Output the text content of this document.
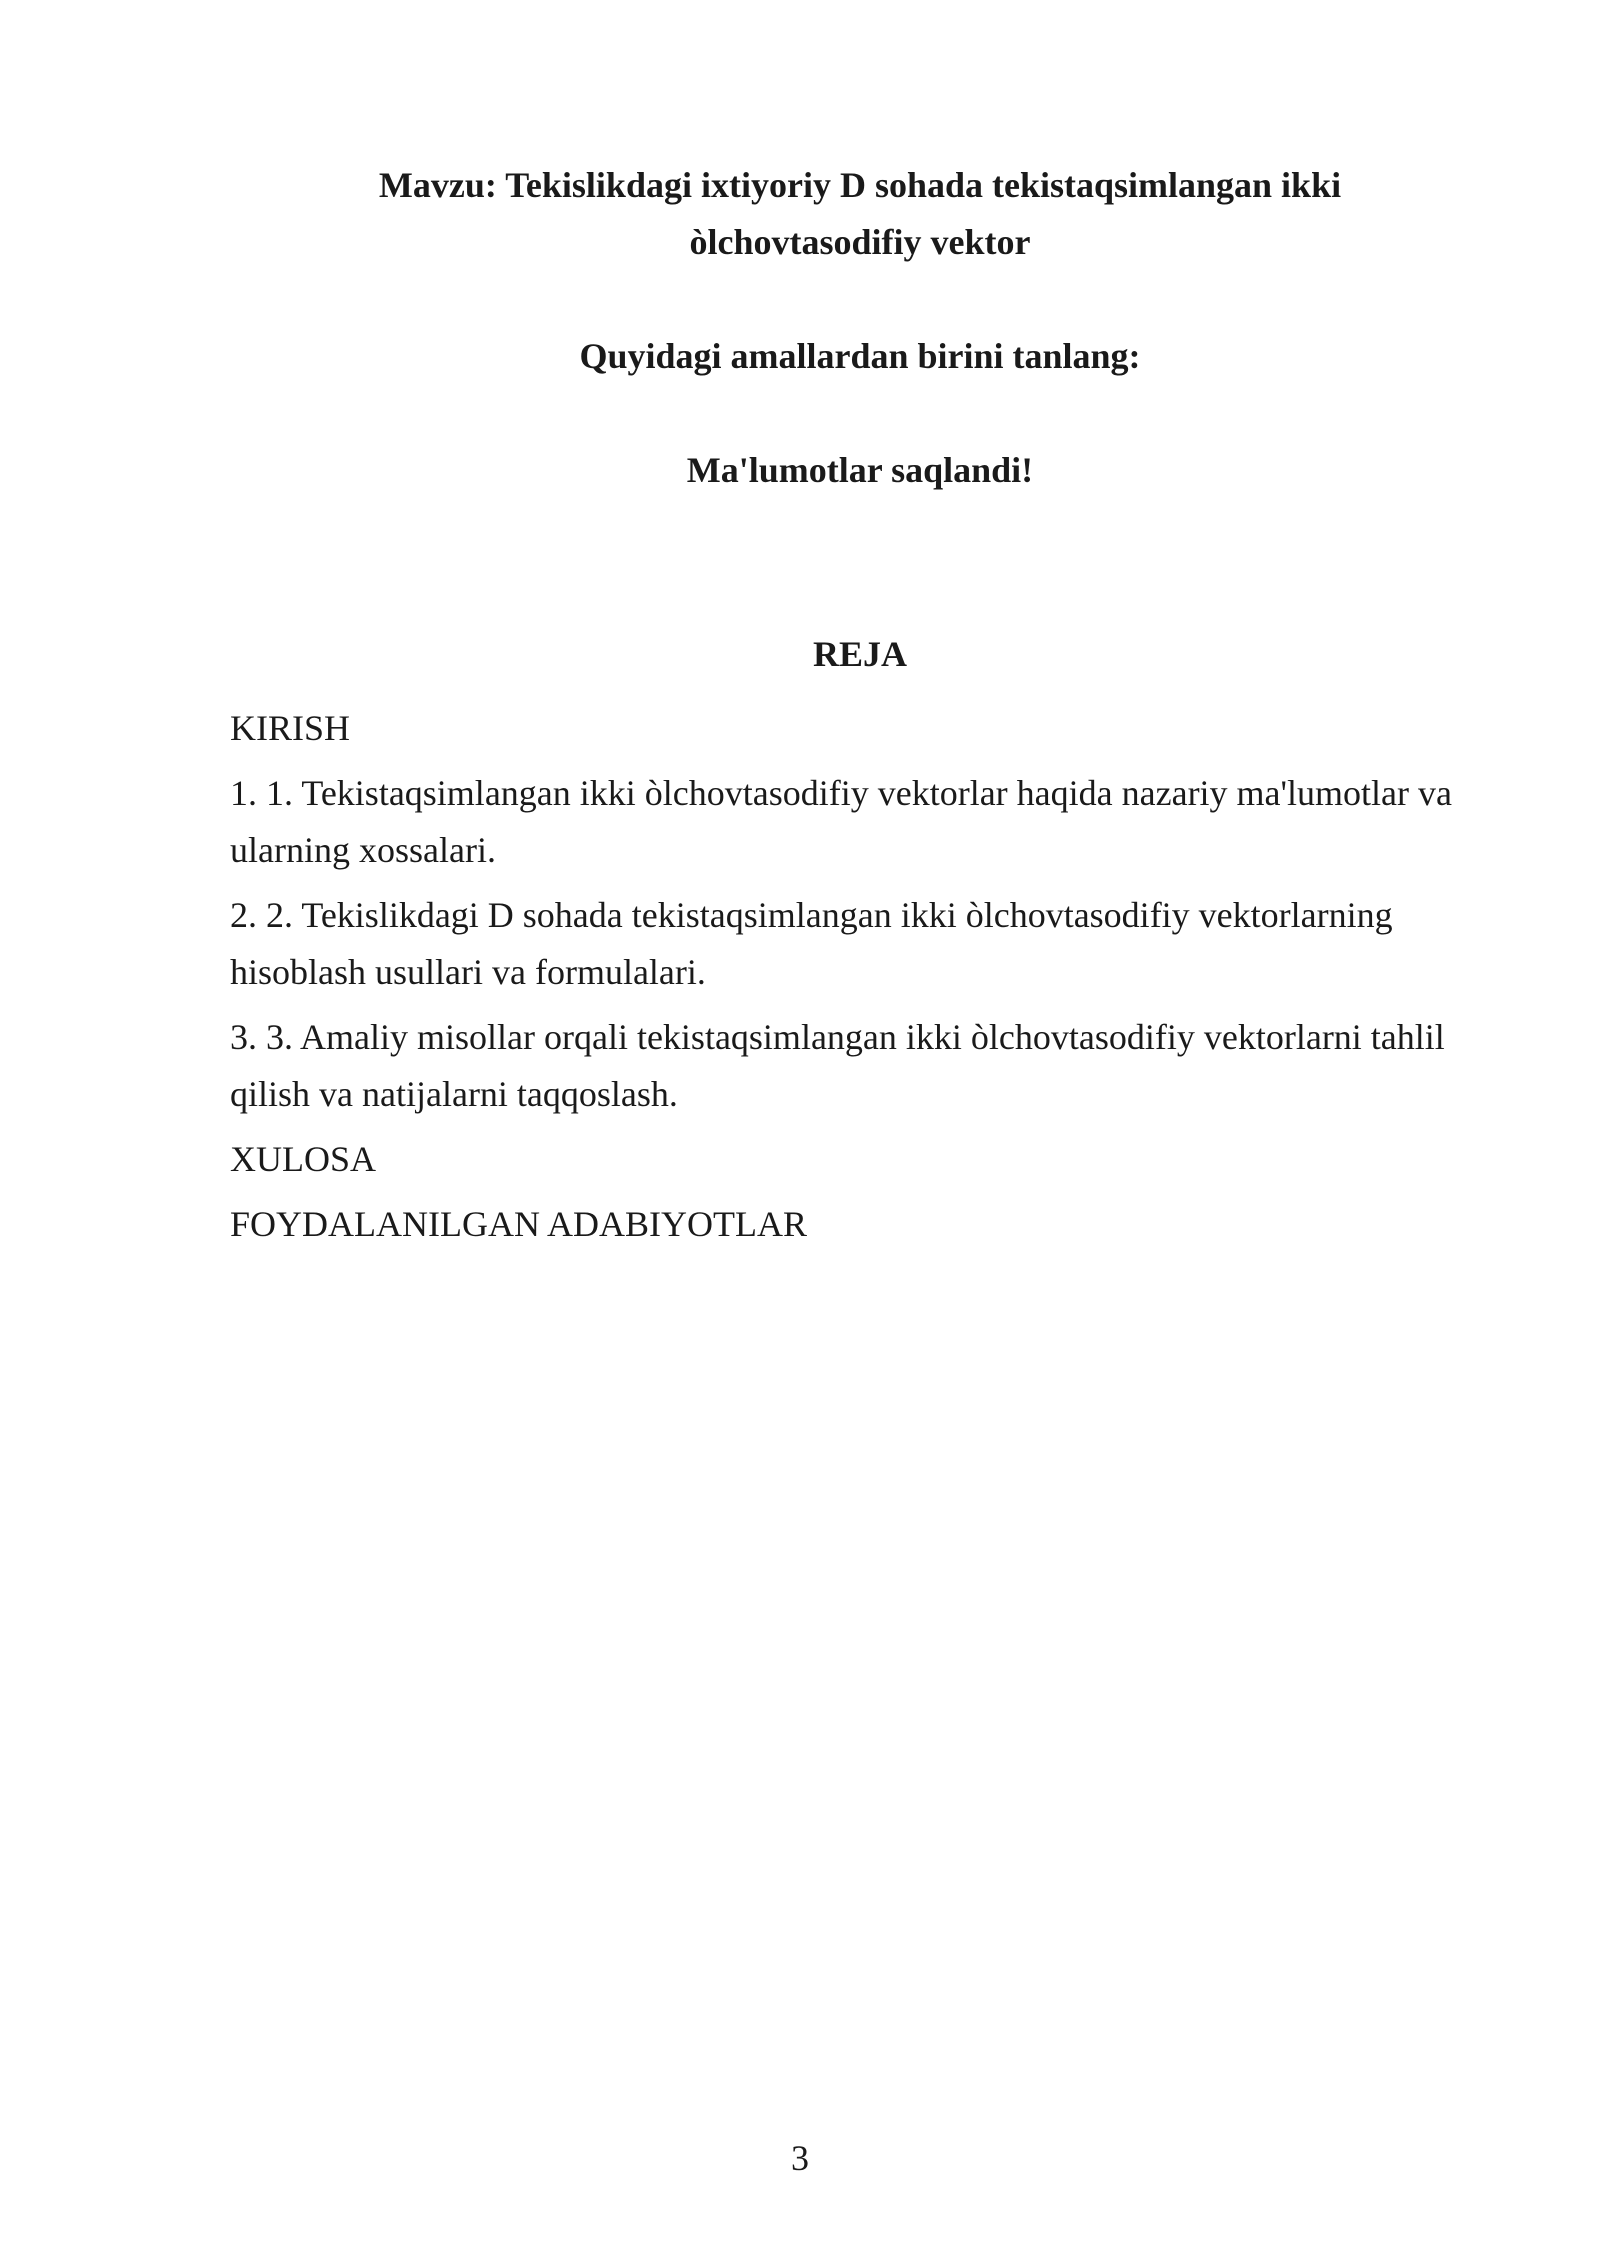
Mavzu: Tekislikdagi ixtiyoriy D sohada tekistaqsimlangan ikki
òlchovtasodifiy vektor
Quyidagi amallardan birini tanlang:
Ma'lumotlar saqlandi!
REJA
KIRISH
1. 1. Tekistaqsimlangan ikki òlchovtasodifiy vektorlar haqida nazariy ma'lumotlar va ularning xossalari.
2. 2. Tekislikdagi D sohada tekistaqsimlangan ikki òlchovtasodifiy vektorlarning hisoblash usullari va formulalari.
3. 3. Amaliy misollar orqali tekistaqsimlangan ikki òlchovtasodifiy vektorlarni tahlil qilish va natijalarni taqqoslash.
XULOSA
FOYDALANILGAN ADABIYOTLAR
3
